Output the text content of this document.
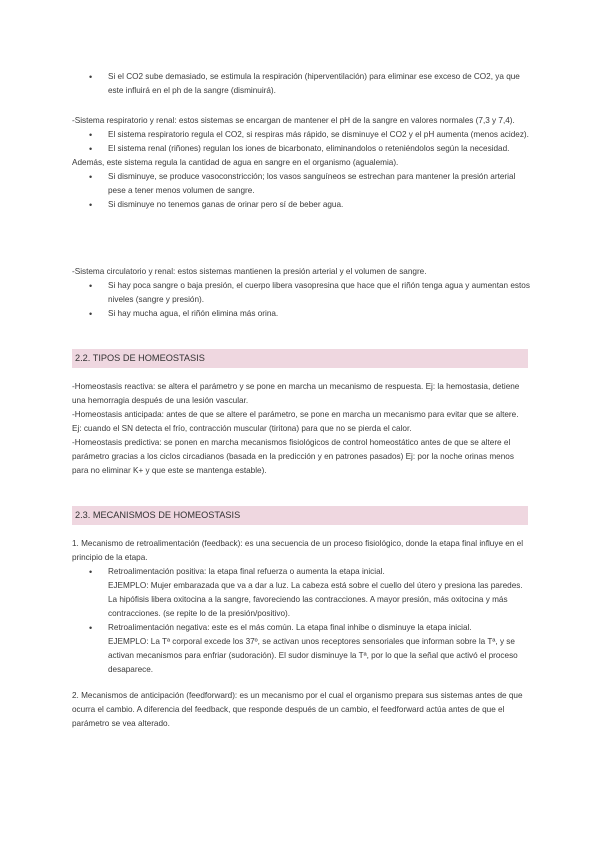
• Si el CO2 sube demasiado, se estimula la respiración (hiperventilación) para eliminar ese exceso de CO2, ya que este influirá en el ph de la sangre (disminuirá).
-Sistema respiratorio y renal: estos sistemas se encargan de mantener el pH de la sangre en valores normales (7,3 y 7,4).
• El sistema respiratorio regula el CO2, si respiras más rápido, se disminuye el CO2 y el pH aumenta (menos acidez).
• El sistema renal (riñones) regulan los iones de bicarbonato, eliminandolos o reteniéndolos según la necesidad.
Además, este sistema regula la cantidad de agua en sangre en el organismo (agualemia).
• Si disminuye, se produce vasoconstricción; los vasos sanguíneos se estrechan para mantener la presión arterial pese a tener menos volumen de sangre.
• Si disminuye no tenemos ganas de orinar pero sí de beber agua.
-Sistema circulatorio y renal: estos sistemas mantienen la presión arterial y el volumen de sangre.
• Si hay poca sangre o baja presión, el cuerpo libera vasopresina que hace que el riñón tenga agua y aumentan estos niveles (sangre y presión).
• Si hay mucha agua, el riñón elimina más orina.
2.2. TIPOS DE HOMEOSTASIS
-Homeostasis reactiva: se altera el parámetro y se pone en marcha un mecanismo de respuesta. Ej: la hemostasia, detiene una hemorragia después de una lesión vascular.
-Homeostasis anticipada: antes de que se altere el parámetro, se pone en marcha un mecanismo para evitar que se altere. Ej: cuando el SN detecta el frío, contracción muscular (tiritona) para que no se pierda el calor.
-Homeostasis predictiva: se ponen en marcha mecanismos fisiológicos de control homeostático antes de que se altere el parámetro gracias a los ciclos circadianos (basada en la predicción y en patrones pasados) Ej: por la noche orinas menos para no eliminar K+ y que este se mantenga estable).
2.3. MECANISMOS DE HOMEOSTASIS
1. Mecanismo de retroalimentación (feedback): es una secuencia de un proceso fisiológico, donde la etapa final influye en el principio de la etapa.
• Retroalimentación positiva: la etapa final refuerza o aumenta la etapa inicial.
EJEMPLO: Mujer embarazada que va a dar a luz. La cabeza está sobre el cuello del útero y presiona las paredes. La hipófisis libera oxitocina a la sangre, favoreciendo las contracciones. A mayor presión, más oxitocina y más contracciones. (se repite lo de la presión/positivo).
• Retroalimentación negativa: este es el más común. La etapa final inhibe o disminuye la etapa inicial.
EJEMPLO: La Tª corporal excede los 37º, se activan unos receptores sensoriales que informan sobre la Tª, y se activan mecanismos para enfriar (sudoración). El sudor disminuye la Tª, por lo que la señal que activó el proceso desaparece.
2. Mecanismos de anticipación (feedforward): es un mecanismo por el cual el organismo prepara sus sistemas antes de que ocurra el cambio. A diferencia del feedback, que responde después de un cambio, el feedforward actúa antes de que el parámetro se vea alterado.
